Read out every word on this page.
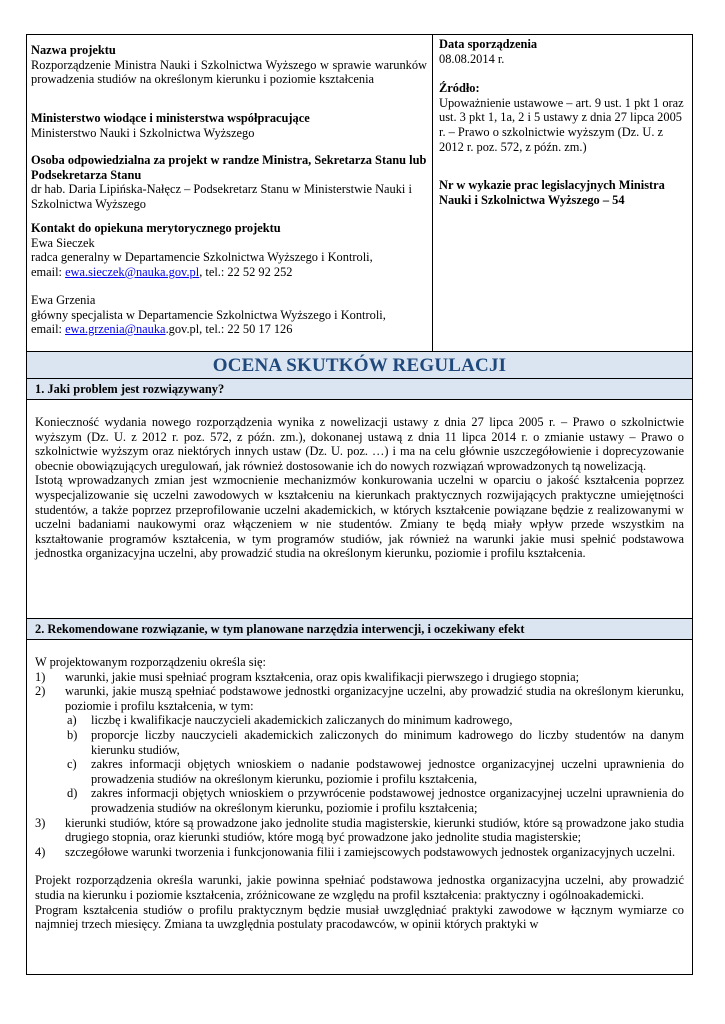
Nazwa projektu
Rozporządzenie Ministra Nauki i Szkolnictwa Wyższego w sprawie warunków prowadzenia studiów na określonym kierunku i poziomie kształcenia
Ministerstwo wiodące i ministerstwa współpracujące
Ministerstwo Nauki i Szkolnictwa Wyższego
Osoba odpowiedzialna za projekt w randze Ministra, Sekretarza Stanu lub Podsekretarza Stanu
dr hab. Daria Lipińska-Nałęcz – Podsekretarz Stanu w Ministerstwie Nauki i Szkolnictwa Wyższego
Kontakt do opiekuna merytorycznego projektu
Ewa Sieczek
radca generalny w Departamencie Szkolnictwa Wyższego i Kontroli,
email: ewa.sieczek@nauka.gov.pl, tel.: 22 52 92 252
Ewa Grzenia
główny specjalista w Departamencie Szkolnictwa Wyższego i Kontroli,
email: ewa.grzenia@nauka.gov.pl, tel.: 22 50 17 126
Data sporządzenia
08.08.2014 r.
Źródło:
Upoważnienie ustawowe – art. 9 ust. 1 pkt 1 oraz ust. 3 pkt 1, 1a, 2 i 5 ustawy z dnia 27 lipca 2005 r. – Prawo o szkolnictwie wyższym (Dz. U. z 2012 r. poz. 572, z późn. zm.)
Nr w wykazie prac legislacyjnych Ministra Nauki i Szkolnictwa Wyższego – 54
OCENA SKUTKÓW REGULACJI
1. Jaki problem jest rozwiązywany?

Konieczność wydania nowego rozporządzenia wynika z nowelizacji ustawy z dnia 27 lipca 2005 r. – Prawo o szkolnictwie wyższym (Dz. U. z 2012 r. poz. 572, z późn. zm.), dokonanej ustawą z dnia 11 lipca 2014 r. o zmianie ustawy – Prawo o szkolnictwie wyższym oraz niektórych innych ustaw (Dz. U. poz. …) i ma na celu głównie uszczegółowienie i doprecyzowanie obecnie obowiązujących uregulowań, jak również dostosowanie ich do nowych rozwiązań wprowadzonych tą nowelizacją.

Istotą wprowadzanych zmian jest wzmocnienie mechanizmów konkurowania uczelni w oparciu o jakość kształcenia poprzez wyspecjalizowanie się uczelni zawodowych w kształceniu na kierunkach praktycznych rozwijających praktyczne umiejętności studentów, a także poprzez przeprofilowanie uczelni akademickich, w których kształcenie powiązane będzie z realizowanymi w uczelni badaniami naukowymi oraz włączeniem w nie studentów. Zmiany te będą miały wpływ przede wszystkim na kształtowanie programów kształcenia, w tym programów studiów, jak również na warunki jakie musi spełnić podstawowa jednostka organizacyjna uczelni, aby prowadzić studia na określonym kierunku, poziomie i profilu kształcenia.

2. Rekomendowane rozwiązanie, w tym planowane narzędzia interwencji, i oczekiwany efekt

W projektowanym rozporządzeniu określa się:

1)	warunki, jakie musi spełniać program kształcenia, oraz opis kwalifikacji pierwszego i drugiego stopnia;
2)	warunki, jakie muszą spełniać podstawowe jednostki organizacyjne uczelni, aby prowadzić studia na określonym kierunku, poziomie i profilu kształcenia, w tym:
a)	liczbę i kwalifikacje nauczycieli akademickich zaliczanych do minimum kadrowego,
b)	proporcje liczby nauczycieli akademickich zaliczonych do minimum kadrowego do liczby studentów na danym kierunku studiów,
c)	zakres informacji objętych wnioskiem o nadanie podstawowej jednostce organizacyjnej uczelni uprawnienia do prowadzenia studiów na określonym kierunku, poziomie i profilu kształcenia,
d)	zakres informacji objętych wnioskiem o przywrócenie podstawowej jednostce organizacyjnej uczelni uprawnienia do prowadzenia studiów na określonym kierunku, poziomie i profilu kształcenia;
3)	kierunki studiów, które są prowadzone jako jednolite studia magisterskie, kierunki studiów, które są prowadzone jako studia drugiego stopnia, oraz kierunki studiów, które mogą być prowadzone jako jednolite studia magisterskie;
4)	szczegółowe warunki tworzenia i funkcjonowania filii i zamiejscowych podstawowych jednostek organizacyjnych uczelni.

Projekt rozporządzenia określa warunki, jakie powinna spełniać podstawowa jednostka organizacyjna uczelni, aby prowadzić studia na kierunku i poziomie kształcenia, zróżnicowane ze względu na profil kształcenia: praktyczny i ogólnoakademicki.

Program kształcenia studiów o profilu praktycznym będzie musiał uwzględniać praktyki zawodowe w łącznym wymiarze co najmniej trzech miesięcy. Zmiana ta uwzględnia postulaty pracodawców, w opinii których praktyki w
